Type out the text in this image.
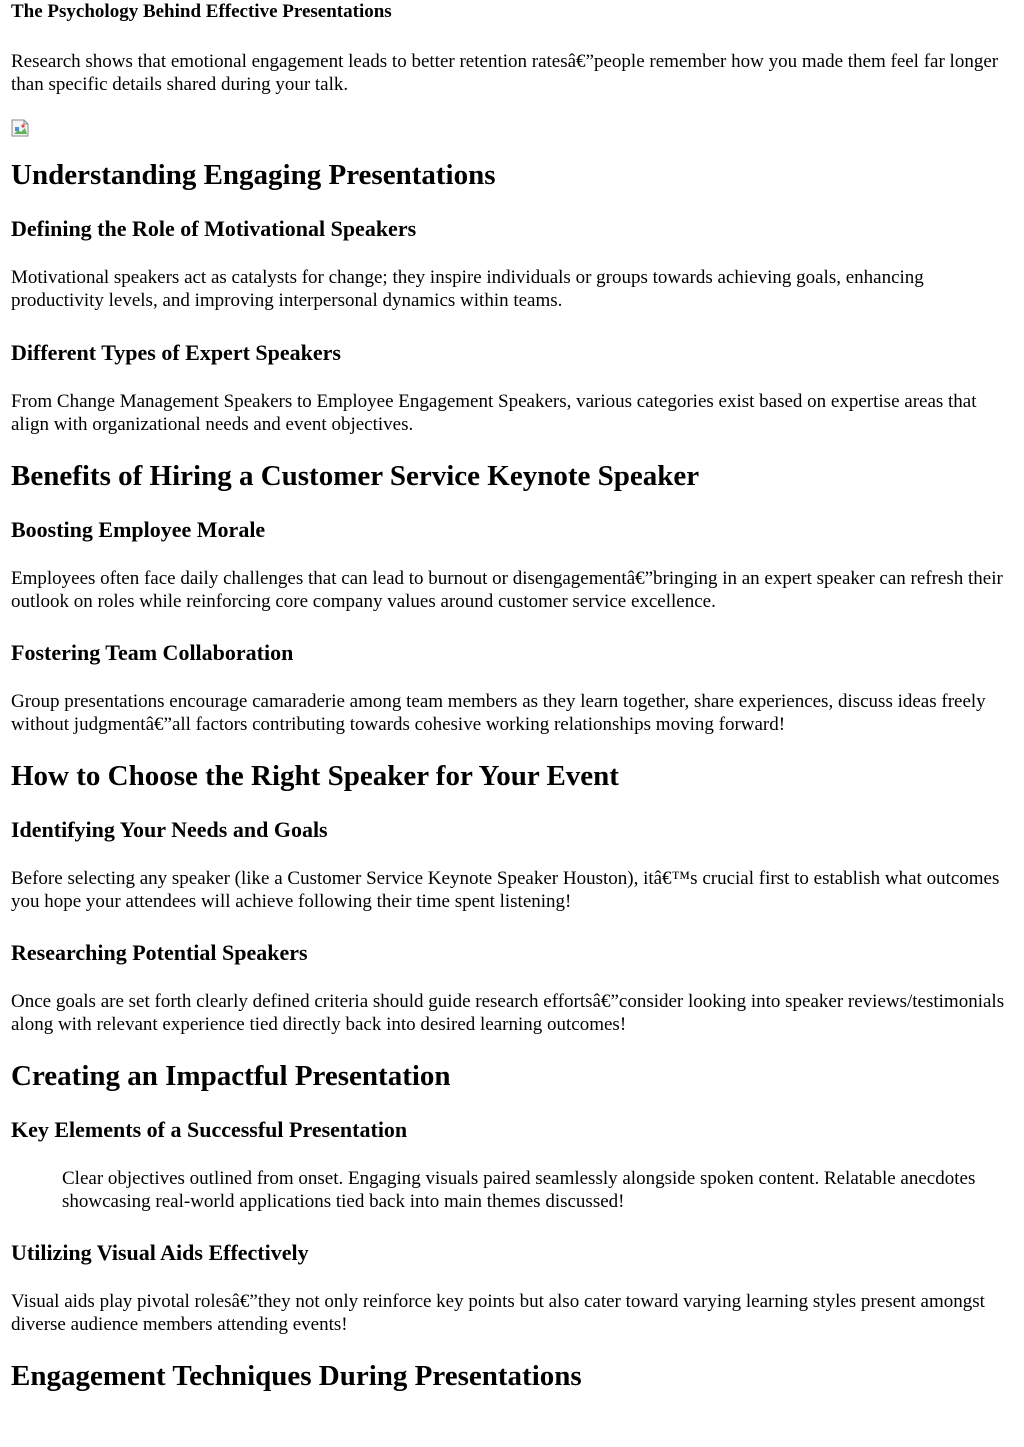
The Psychology Behind Effective Presentations

Research shows that emotional engagement leads to better retention ratesâ€”people remember how you made them feel far longer than specific details shared during your talk.

Understanding Engaging Presentations
Defining the Role of Motivational Speakers

Motivational speakers act as catalysts for change; they inspire individuals or groups towards achieving goals, enhancing productivity levels, and improving interpersonal dynamics within teams.

Different Types of Expert Speakers

From Change Management Speakers to Employee Engagement Speakers, various categories exist based on expertise areas that align with organizational needs and event objectives.

Benefits of Hiring a Customer Service Keynote Speaker
Boosting Employee Morale

Employees often face daily challenges that can lead to burnout or disengagementâ€”bringing in an expert speaker can refresh their outlook on roles while reinforcing core company values around customer service excellence.

Fostering Team Collaboration

Group presentations encourage camaraderie among team members as they learn together, share experiences, discuss ideas freely without judgmentâ€”all factors contributing towards cohesive working relationships moving forward!

How to Choose the Right Speaker for Your Event
Identifying Your Needs and Goals

Before selecting any speaker (like a Customer Service Keynote Speaker Houston), itâ€™s crucial first to establish what outcomes you hope your attendees will achieve following their time spent listening!

Researching Potential Speakers

Once goals are set forth clearly defined criteria should guide research effortsâ€”consider looking into speaker reviews/testimonials along with relevant experience tied directly back into desired learning outcomes!

Creating an Impactful Presentation
Key Elements of a Successful Presentation
Clear objectives outlined from onset. Engaging visuals paired seamlessly alongside spoken content. Relatable anecdotes showcasing real-world applications tied back into main themes discussed!
Utilizing Visual Aids Effectively

Visual aids play pivotal rolesâ€”they not only reinforce key points but also cater toward varying learning styles present amongst diverse audience members attending events!

Engagement Techniques During Presentations
